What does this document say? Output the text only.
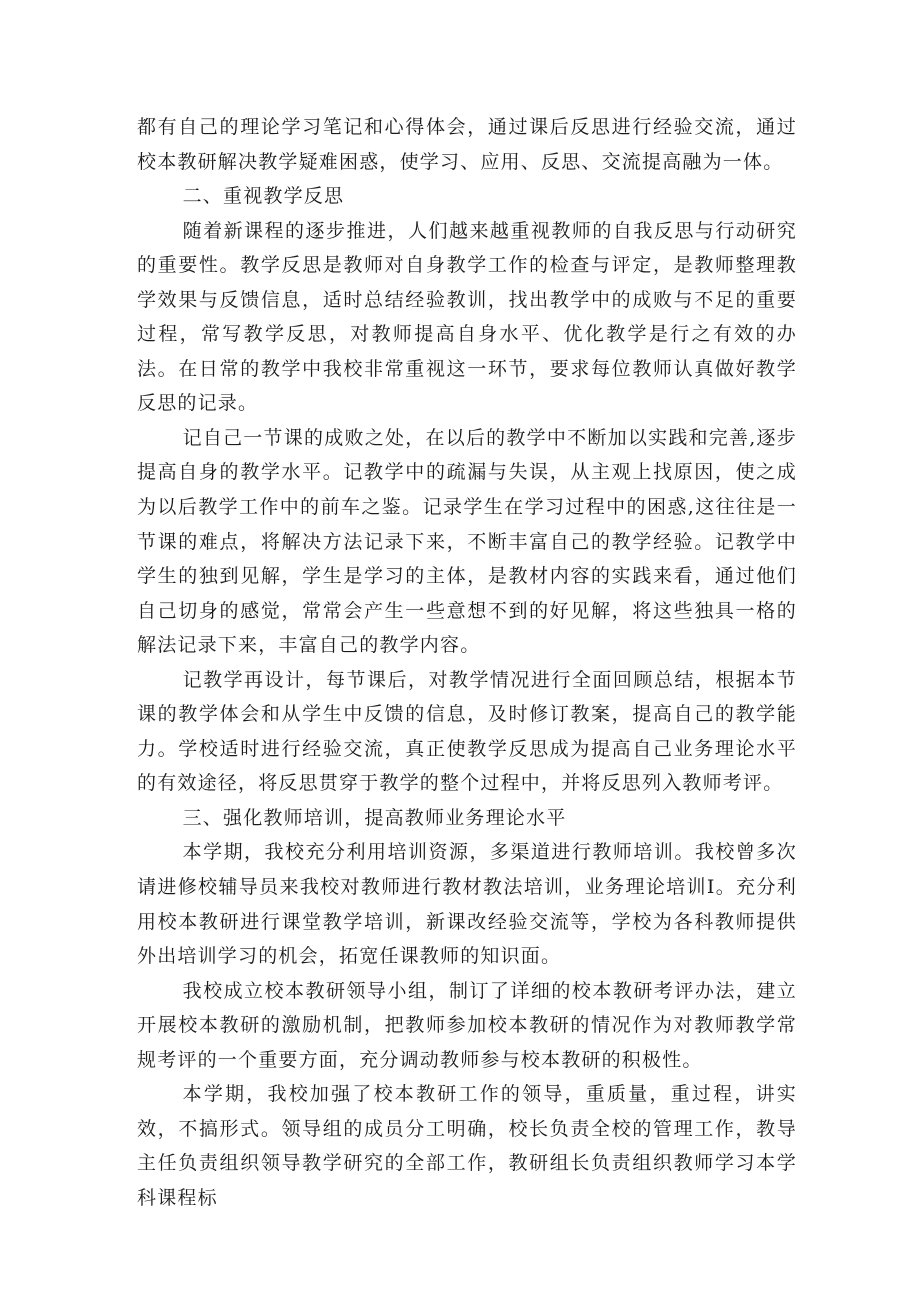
都有自己的理论学习笔记和心得体会，通过课后反思进行经验交流，通过校本教研解决教学疑难困惑，使学习、应用、反思、交流提高融为一体。

二、重视教学反思

随着新课程的逐步推进，人们越来越重视教师的自我反思与行动研究的重要性。教学反思是教师对自身教学工作的检查与评定，是教师整理教学效果与反馈信息，适时总结经验教训，找出教学中的成败与不足的重要过程，常写教学反思，对教师提高自身水平、优化教学是行之有效的办法。在日常的教学中我校非常重视这一环节，要求每位教师认真做好教学反思的记录。

记自己一节课的成败之处，在以后的教学中不断加以实践和完善,逐步提高自身的教学水平。记教学中的疏漏与失误，从主观上找原因，使之成为以后教学工作中的前车之鉴。记录学生在学习过程中的困惑,这往往是一节课的难点，将解决方法记录下来，不断丰富自己的教学经验。记教学中学生的独到见解，学生是学习的主体，是教材内容的实践来看，通过他们自己切身的感觉，常常会产生一些意想不到的好见解，将这些独具一格的解法记录下来，丰富自己的教学内容。

记教学再设计，每节课后，对教学情况进行全面回顾总结，根据本节课的教学体会和从学生中反馈的信息，及时修订教案，提高自己的教学能力。学校适时进行经验交流，真正使教学反思成为提高自己业务理论水平的有效途径，将反思贯穿于教学的整个过程中，并将反思列入教师考评。

三、强化教师培训，提高教师业务理论水平

本学期，我校充分利用培训资源，多渠道进行教师培训。我校曾多次请进修校辅导员来我校对教师进行教材教法培训，业务理论培训I。充分利用校本教研进行课堂教学培训，新课改经验交流等，学校为各科教师提供外出培训学习的机会，拓宽任课教师的知识面。

我校成立校本教研领导小组，制订了详细的校本教研考评办法，建立开展校本教研的激励机制，把教师参加校本教研的情况作为对教师教学常规考评的一个重要方面，充分调动教师参与校本教研的积极性。

本学期，我校加强了校本教研工作的领导，重质量，重过程，讲实效，不搞形式。领导组的成员分工明确，校长负责全校的管理工作，教导主任负责组织领导教学研究的全部工作，教研组长负责组织教师学习本学科课程标
